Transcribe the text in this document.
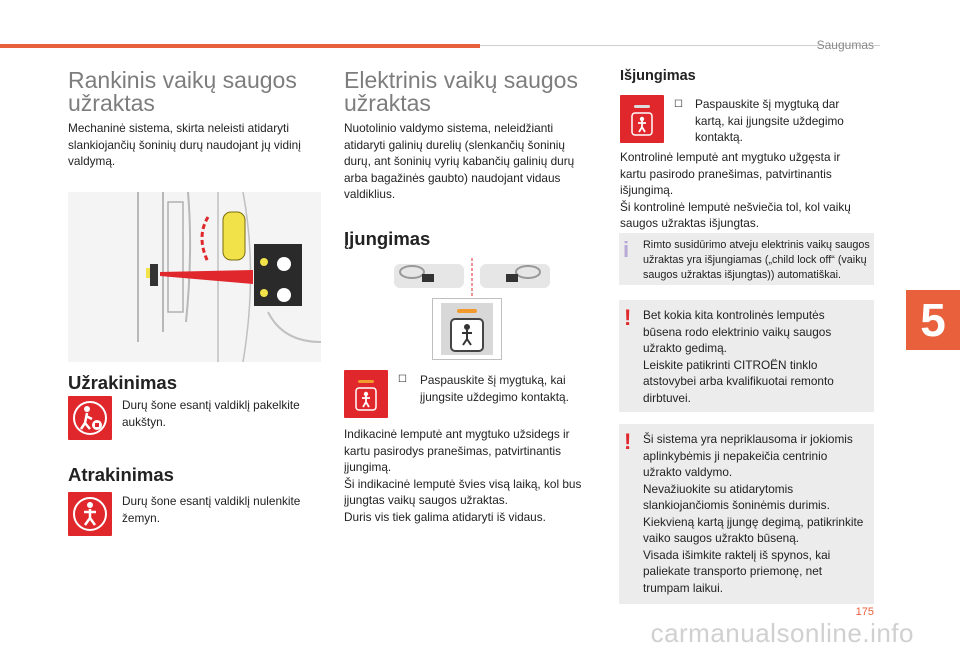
Saugumas
5
Rankinis vaikų saugos
užraktas

Mechaninė sistema, skirta neleisti atidaryti

slankiojančių šoninių durų naudojant jų vidinį

valdymą.

Užrakinimas

Durų šone esantį valdiklį pakelkite

aukštyn.

Atrakinimas

Durų šone esantį valdiklį nulenkite

žemyn.

Elektrinis vaikų saugos
užraktas

Nuotolinio valdymo sistema, neleidžianti

atidaryti galinių durelių (slenkančių šoninių

durų, ant šoninių vyrių kabančių galinių durų

arba bagažinės gaubto) naudojant vidaus

valdiklius.

Įjungimas
☐ Paspauskite šį mygtuką, kai

įjungsite uždegimo kontaktą.

Indikacinė lemputė ant mygtuko užsidegs ir

kartu pasirodys pranešimas, patvirtinantis

įjungimą.

Ši indikacinė lemputė švies visą laiką, kol bus

įjungtas vaikų saugos užraktas.

Duris vis tiek galima atidaryti iš vidaus.

Išjungimas
☐ Paspauskite šį mygtuką dar

kartą, kai įjungsite uždegimo

kontaktą.

Kontrolinė lemputė ant mygtuko užgęsta ir

kartu pasirodo pranešimas, patvirtinantis

išjungimą.

Ši kontrolinė lemputė nešviečia tol, kol vaikų

saugos užraktas išjungtas.

i Rimto susidūrimo atveju elektrinis vaikų saugos

užraktas yra išjungiamas („child lock off“ (vaikų

saugos užraktas išjungtas)) automatiškai.

! Bet kokia kita kontrolinės lemputės

būsena rodo elektrinio vaikų saugos

užrakto gedimą.

Leiskite patikrinti CITROËN tinklo

atstovybei arba kvalifikuotai remonto

dirbtuvei.

! Ši sistema yra nepriklausoma ir jokiomis

aplinkybėmis ji nepakeičia centrinio

užrakto valdymo.

Nevažiuokite su atidarytomis

slankiojančiomis šoninėmis durimis.

Kiekvieną kartą įjungę degimą, patikrinkite

vaiko saugos užrakto būseną.

Visada išimkite raktelį iš spynos, kai

paliekate transporto priemonę, net

trumpam laikui.

175
carmanualsonline.info
